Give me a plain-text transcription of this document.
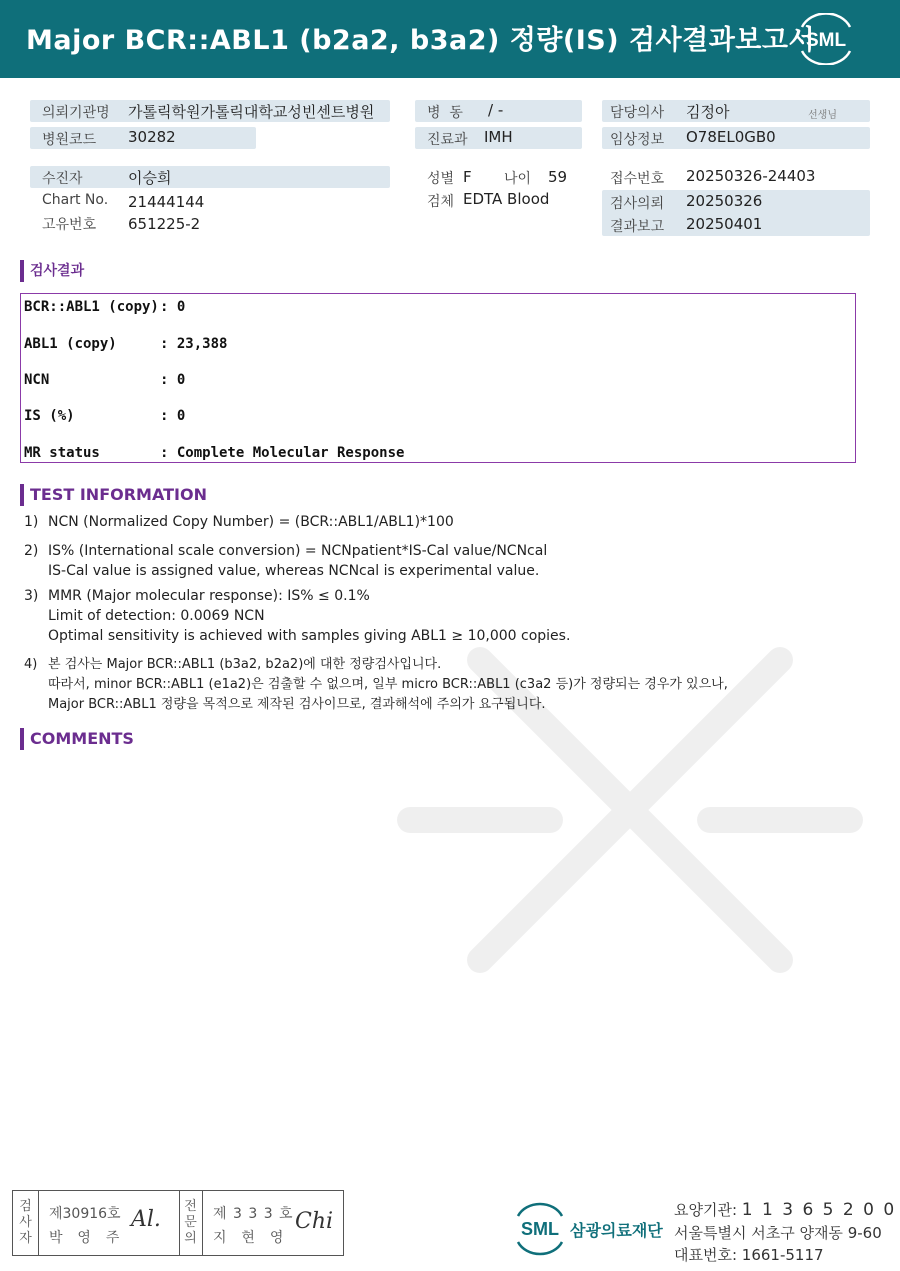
Major BCR::ABL1 (b2a2, b3a2) 정량(IS) 검사결과보고서
SML
의뢰기관명 가톨릭학원가톨릭대학교성빈센트병원
병원코드 30282
병  동 / -
진료과 IMH
담당의사 김정아	선생님
임상정보 O78EL0GB0
수진자	이승희
Chart No. 21444144
고유번호 651225-2
성별 F 나이 59
검체 EDTA Blood
접수번호 20250326-24403
검사의뢰 20250326
결과보고 20250401
검사결과
BCR::ABL1 (copy) : 0
ABL1 (copy)	: 23,388
NCN	: 0
IS (%)	: 0
MR status	: Complete Molecular Response
TEST INFORMATION
1) NCN (Normalized Copy Number) = (BCR::ABL1/ABL1)*100
2) IS% (International scale conversion) = NCNpatient*IS-Cal value/NCNcal
IS-Cal value is assigned value, whereas NCNcal is experimental value.
3) MMR (Major molecular response): IS% ≤ 0.1%
Limit of detection: 0.0069 NCN
Optimal sensitivity is achieved with samples giving ABL1 ≥ 10,000 copies.
4) 본 검사는 Major BCR::ABL1 (b3a2, b2a2)에 대한 정량검사입니다.
따라서, minor BCR::ABL1 (e1a2)은 검출할 수 없으며, 일부 micro BCR::ABL1 (c3a2 등)가 정량되는 경우가 있으나,
Major BCR::ABL1 정량을 목적으로 제작된 검사이므로, 결과해석에 주의가 요구됩니다.
COMMENTS
검
사
자
제30916호
박  영  주
Al.
전
문
의
제 3 3 3 호
지  현  영
Chi	SML 삼광의료재단
요양기관: 1 1 3 6 5 2 0 0
서울특별시 서초구 양재동 9-60
대표번호: 1661-5117
